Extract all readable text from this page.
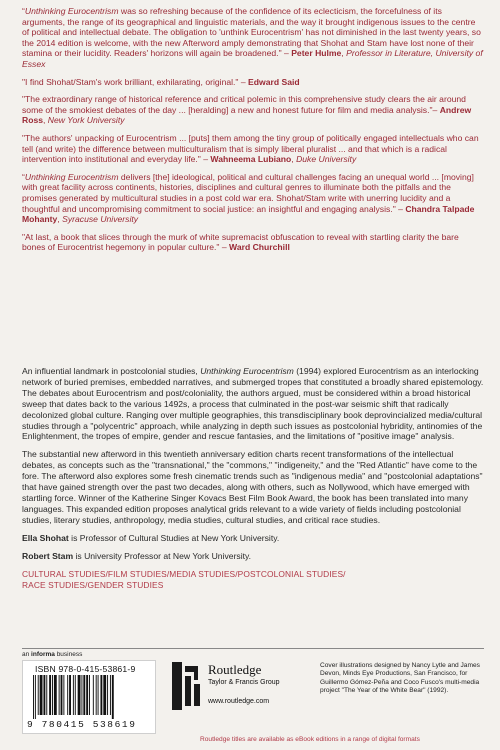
“Unthinking Eurocentrism was so refreshing because of the confidence of its eclecticism, the forcefulness of its arguments, the range of its geographical and linguistic materials, and the way it brought indigenous issues to the centre of political and intellectual debate. The obligation to 'unthink Eurocentrism' has not diminished in the last twenty years, so the 2014 edition is welcome, with the new Afterword amply demonstrating that Shohat and Stam have lost none of their stamina or their lucidity. Readers' horizons will again be broadened." – Peter Hulme, Professor in Literature, University of Essex

"I find Shohat/Stam's work brilliant, exhilarating, original." – Edward Said

"The extraordinary range of historical reference and critical polemic in this comprehensive study clears the air around some of the smokiest debates of the day ... [heralding] a new and honest future for film and media analysis."– Andrew Ross, New York University

"The authors' unpacking of Eurocentrism ... [puts] them among the tiny group of politically engaged intellectuals who can tell (and write) the difference between multiculturalism that is simply liberal pluralist ... and that which is a radical intervention into institutional and everyday life." – Wahneema Lubiano, Duke University

“Unthinking Eurocentrism delivers [the] ideological, political and cultural challenges facing an unequal world ... [moving] with great facility across continents, histories, disciplines and cultural genres to illuminate both the pitfalls and the promises generated by multicultural studies in a post cold war era. Shohat/Stam write with unerring lucidity and a thoughtful and uncompromising commitment to social justice: an insightful and engaging analysis." – Chandra Talpade Mohanty, Syracuse University

"At last, a book that slices through the murk of white supremacist obfuscation to reveal with startling clarity the bare bones of Eurocentrist hegemony in popular culture." – Ward Churchill

An influential landmark in postcolonial studies, Unthinking Eurocentrism (1994) explored Eurocentrism as an interlocking network of buried premises, embedded narratives, and submerged tropes that constituted a broadly shared epistemology. The debates about Eurocentrism and post/coloniality, the authors argued, must be considered within a broad historical sweep that dates back to the various 1492s, a process that culminated in the post-war seismic shift that radically decolonized global culture. Ranging over multiple geographies, this transdisciplinary book deprovincialized media/cultural studies through a "polycentric" approach, while analyzing in depth such issues as postcolonial hybridity, antinomies of the Enlightenment, the tropes of empire, gender and rescue fantasies, and the limitations of "positive image" analysis.

The substantial new afterword in this twentieth anniversary edition charts recent transformations of the intellectual debates, as concepts such as the "transnational," the "commons," "indigeneity," and the "Red Atlantic" have come to the fore. The afterword also explores some fresh cinematic trends such as "indigenous media" and "postcolonial adaptations" that have gained strength over the past two decades, along with others, such as Nollywood, which have emerged with startling force. Winner of the Katherine Singer Kovacs Best Film Book Award, the book has been translated into many languages. This expanded edition proposes analytical grids relevant to a wide variety of fields including postcolonial studies, literary studies, anthropology, media studies, cultural studies, and critical race studies.

Ella Shohat is Professor of Cultural Studies at New York University.

Robert Stam is University Professor at New York University.

CULTURAL STUDIES/FILM STUDIES/MEDIA STUDIES/POSTCOLONIAL STUDIES/
RACE STUDIES/GENDER STUDIES
an informa business
ISBN 978-0-415-53861-9
9 780415 538619
Routledge
Taylor & Francis Group
www.routledge.com
Cover illustrations designed by Nancy Lytle and James Devon, Minds Eye Productions, San Francisco, for Guillermo Gómez-Peña and Coco Fusco's multi-media project "The Year of the White Bear" (1992).
Routledge titles are available as eBook editions in a range of digital formats
